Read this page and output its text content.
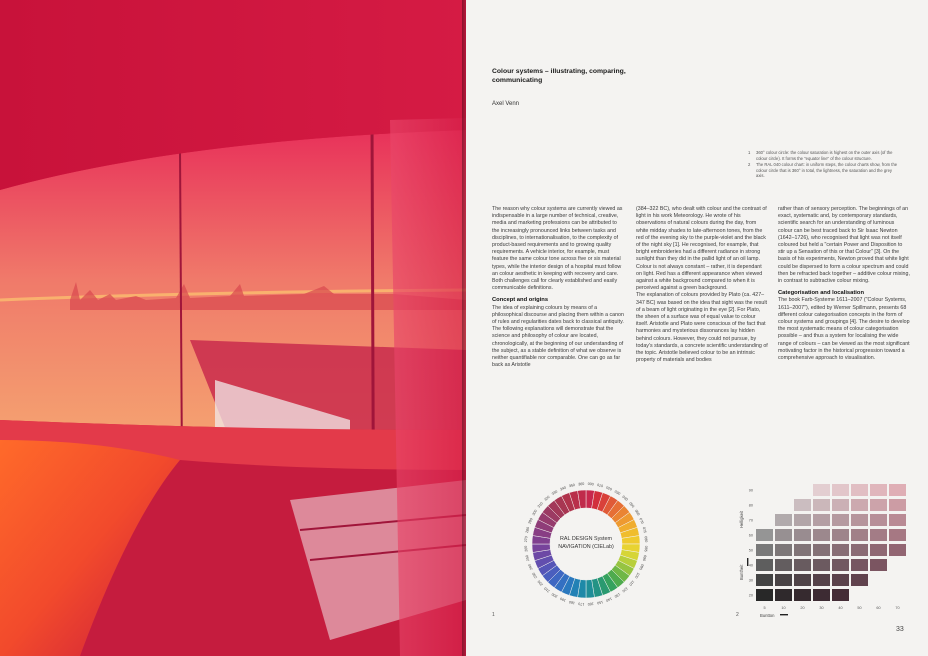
Colour systems – illustrating, comparing, communicating
Axel Venn
1 360° colour circle: the colour saturation is highest on the outer axis (of the colour circle). It forms the "equator line" of the colour structure.
2 The RAL 040 colour chart: in uniform steps, the colour charts show, from the colour circle that is 360° in total, the lightness, the saturation and the grey axis.

The reason why colour systems are currently viewed as indispensable in a large number of technical, creative, media and marketing professions can be attributed to the increasingly pronounced links between tasks and disciplines, to internationalisation, to the complexity of product-based requirements and to growing quality requirements. A vehicle interior, for example, must feature the same colour tone across five or six material types, while the interior design of a hospital must follow an colour aesthetic in keeping with recovery and care. Both challenges call for clearly established and easily communicable definitions.

Concept and origins

The idea of explaining colours by means of a philosophical discourse and placing them within a canon of rules and regularities dates back to classical antiquity. The following explanations will demonstrate that the science and philosophy of colour are located, chronologically, at the beginning of our understanding of the subject, as a stable definition of what we observe is neither quantifiable nor comparable. One can go as far back as Aristotle

(384–322 BC), who dealt with colour and the contrast of light in his work Meteorology. He wrote of his observations of natural colours during the day, from white midday shades to late-afternoon tones, from the red of the evening sky to the purple-violet and the black of the night sky [1]. He recognised, for example, that bright embroideries had a different radiance in strong sunlight than they did in the pallid light of an oil lamp. Colour is not always constant – rather, it is dependant on light. Red has a different appearance when viewed against a white background compared to when it is perceived against a green background.

The explanation of colours provided by Plato (ca. 427–347 BC) was based on the idea that sight was the result of a beam of light originating in the eye [2]. For Plato, the sheen of a surface was of equal value to colour itself. Aristotle and Plato were conscious of the fact that harmonies and mysterious dissonances lay hidden behind colours. However, they could not pursue, by today's standards, a concrete scientific understanding of the topic. Aristotle believed colour to be an intrinsic property of materials and bodies

rather than of sensory perception. The beginnings of an exact, systematic and, by contemporary standards, scientific search for an understanding of luminous colour can be best traced back to Sir Isaac Newton (1642–1726), who recognised that light was not itself coloured but held a "certain Power and Disposition to stir up a Sensation of this or that Colour" [3]. On the basis of his experiments, Newton proved that white light could be dispersed to form a colour spectrum and could then be refracted back together – additive colour mixing, in contrast to subtractive colour mixing.

Categorisation and localisation

The book Farb-Systeme 1611–2007 ("Colour Systems, 1611–2007"), edited by Werner Spillmann, presents 68 different colour categorisation concepts in the form of colour systems and groupings [4]. The desire to develop the most systematic means of colour categorisation possible – and thus a system for localising the wide range of colours – can be viewed as the most significant motivating factor in the historical progression toward a comprehensive approach to visualisation.

000 010 020
030
040
050
060
070
075
080
085
090
095
100
110
120
130
140
150
160
170
180
190
200
210
220
230
240
250
260
270
280
290
300
310
320
330
340 350 360
RAL DESIGN System
NAVIGATION (CIELab)
1
90
80
70
60
50
40
30
20
5	10	20	30	40	50	60	70
Helligkeit
Buntheit
Buntton
2
33
